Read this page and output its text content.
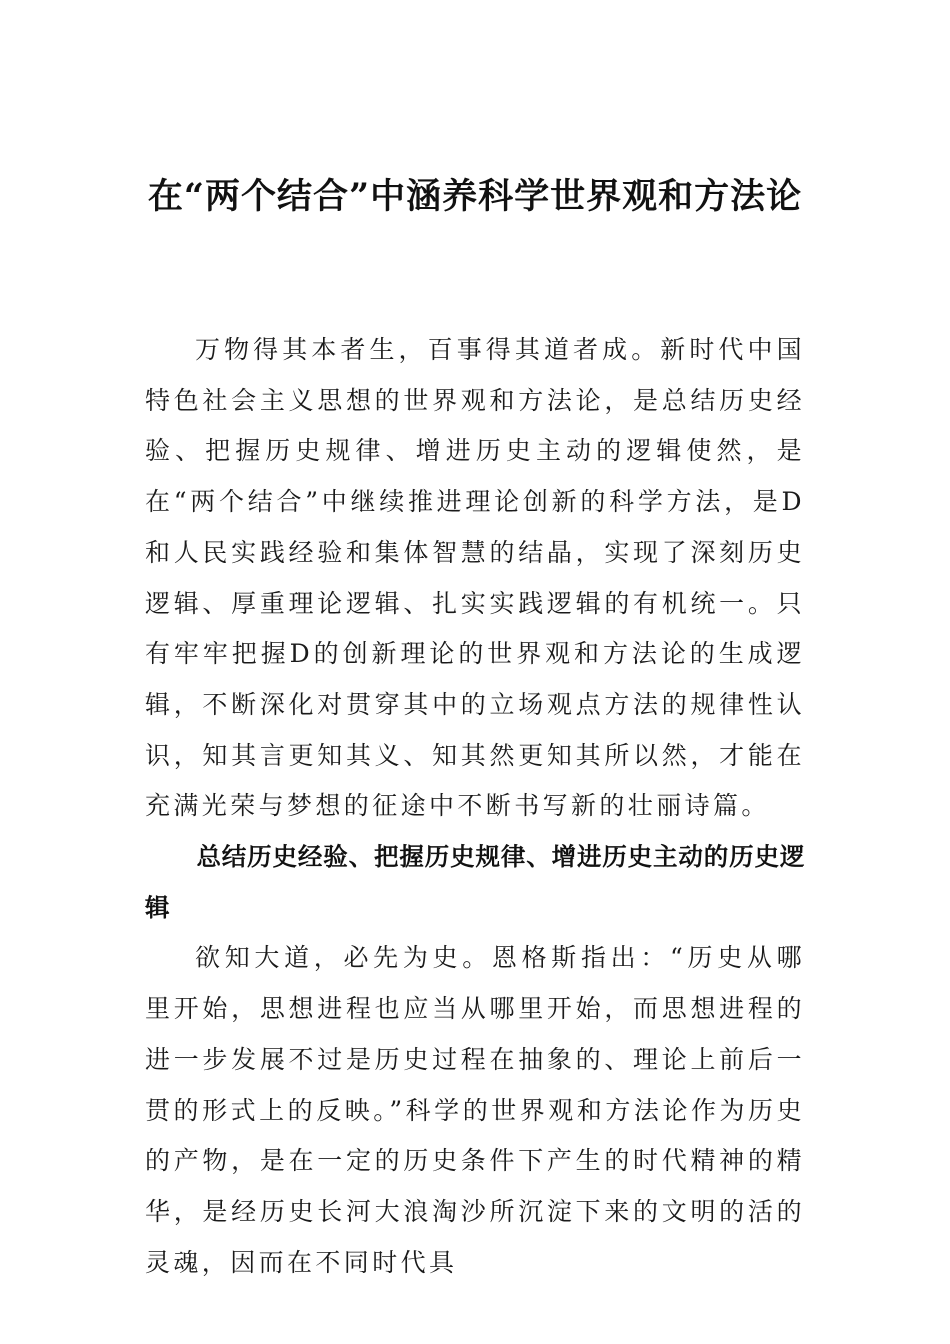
在“两个结合”中涵养科学世界观和方法论

万物得其本者生，百事得其道者成。新时代中国特色社会主义思想的世界观和方法论，是总结历史经验、把握历史规律、增进历史主动的逻辑使然，是在“两个结合”中继续推进理论创新的科学方法，是D和人民实践经验和集体智慧的结晶，实现了深刻历史逻辑、厚重理论逻辑、扎实实践逻辑的有机统一。只有牢牢把握D的创新理论的世界观和方法论的生成逻辑，不断深化对贯穿其中的立场观点方法的规律性认识，知其言更知其义、知其然更知其所以然，才能在充满光荣与梦想的征途中不断书写新的壮丽诗篇。

总结历史经验、把握历史规律、增进历史主动的历史逻辑

欲知大道，必先为史。恩格斯指出：“历史从哪里开始，思想进程也应当从哪里开始，而思想进程的进一步发展不过是历史过程在抽象的、理论上前后一贯的形式上的反映。”科学的世界观和方法论作为历史的产物，是在一定的历史条件下产生的时代精神的精华，是经历史长河大浪淘沙所沉淀下来的文明的活的灵魂，因而在不同时代具
